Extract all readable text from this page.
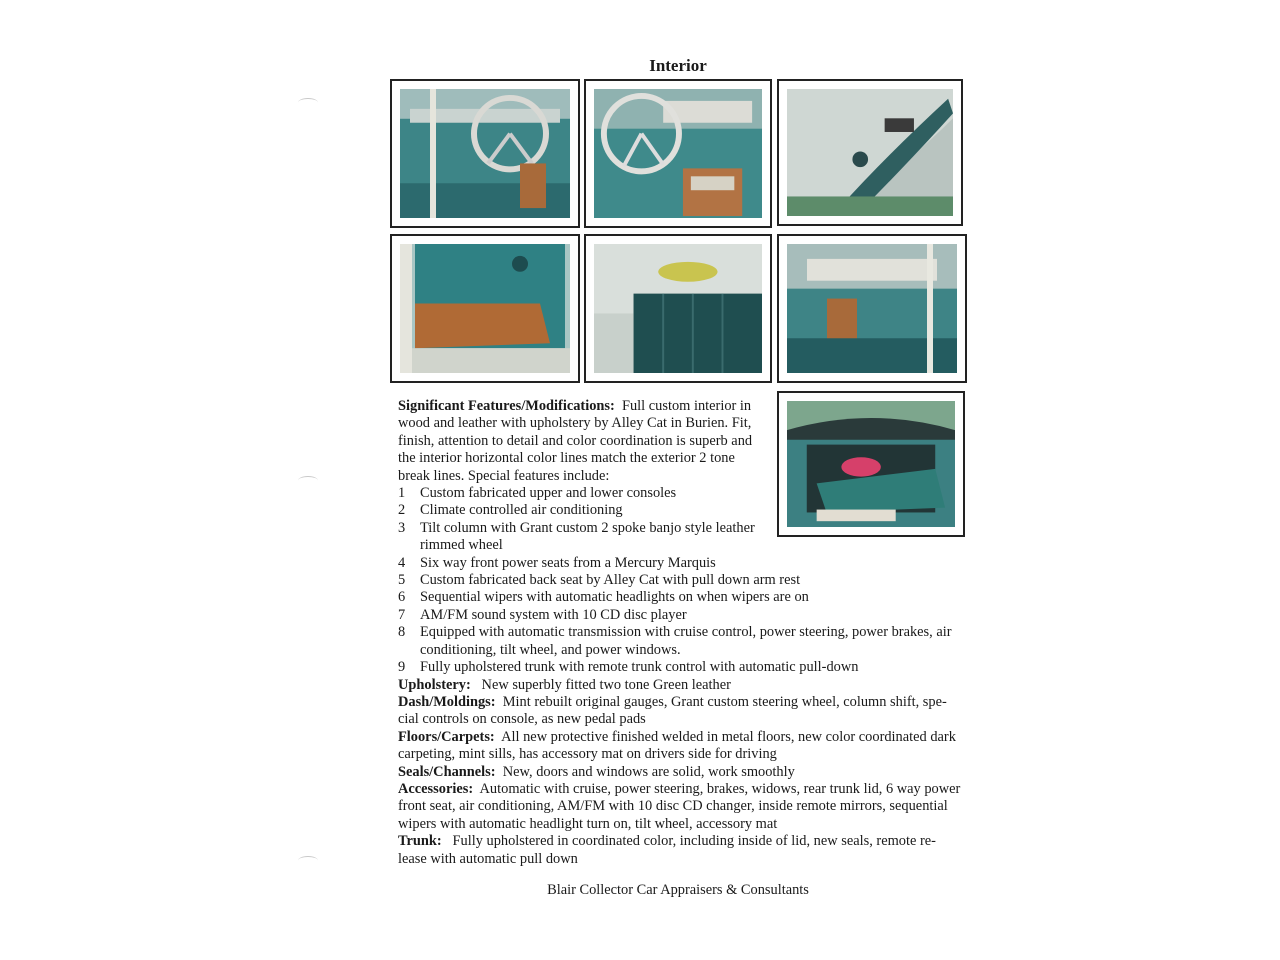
Interior

Significant Features/Modifications: Full custom interior in wood and leather with upholstery by Alley Cat in Burien. Fit, finish, attention to detail and color coordination is superb and the interior horizontal color lines match the exterior 2 tone break lines. Special features include:

1	Custom fabricated upper and lower consoles
2	Climate controlled air conditioning
3	Tilt column with Grant custom 2 spoke banjo style leather rimmed wheel
4	Six way front power seats from a Mercury Marquis
5	Custom fabricated back seat by Alley Cat with pull down arm rest
6	Sequential wipers with automatic headlights on when wipers are on
7	AM/FM sound system with 10 CD disc player
8	Equipped with automatic transmission with cruise control, power steering, power brakes, air conditioning, tilt wheel, and power windows.
9	Fully upholstered trunk with remote trunk control with automatic pull-down

Upholstery: New superbly fitted two tone Green leather

Dash/Moldings: Mint rebuilt original gauges, Grant custom steering wheel, column shift, spe-cial controls on console, as new pedal pads

Floors/Carpets: All new protective finished welded in metal floors, new color coordinated dark carpeting, mint sills, has accessory mat on drivers side for driving

Seals/Channels: New, doors and windows are solid, work smoothly

Accessories: Automatic with cruise, power steering, brakes, widows, rear trunk lid, 6 way power front seat, air conditioning, AM/FM with 10 disc CD changer, inside remote mirrors, sequential wipers with automatic headlight turn on, tilt wheel, accessory mat

Trunk: Fully upholstered in coordinated color, including inside of lid, new seals, remote re-lease with automatic pull down

Blair Collector Car Appraisers & Consultants
